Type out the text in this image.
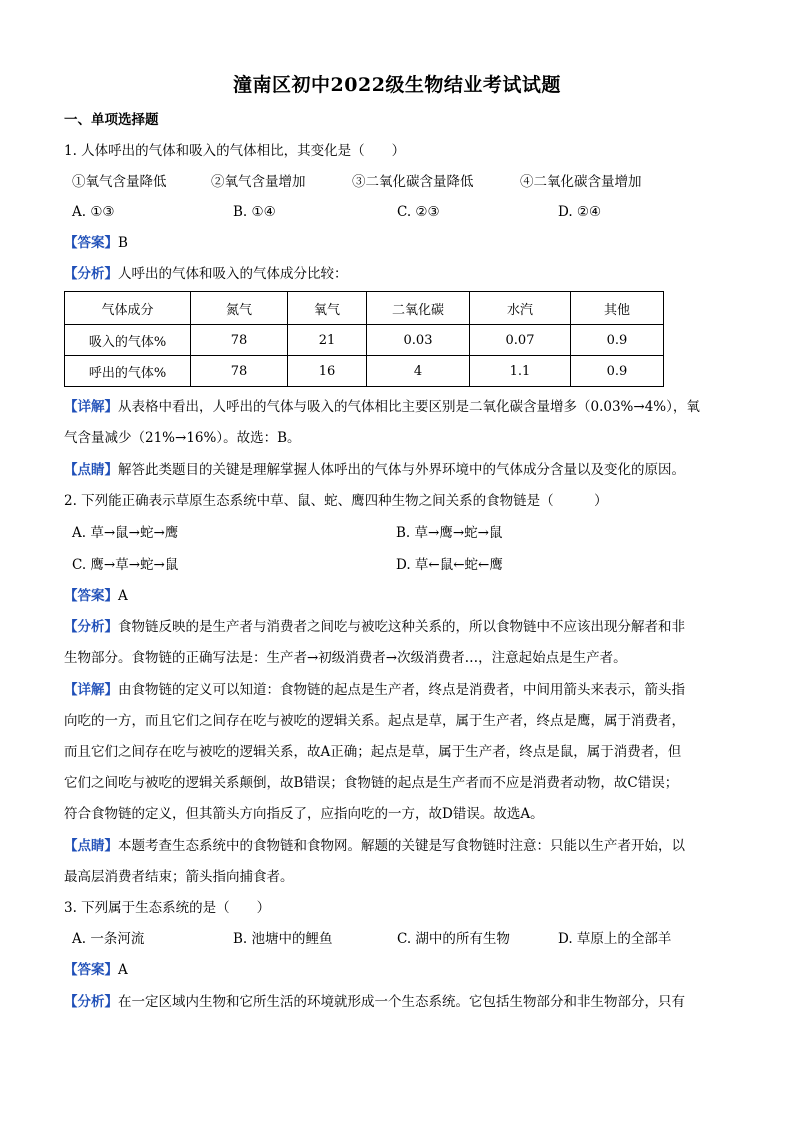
潼南区初中2022级生物结业考试试题
一、单项选择题
1. 人体呼出的气体和吸入的气体相比，其变化是（　　）
①氧气含量降低	②氧气含量增加	③二氧化碳含量降低	④二氧化碳含量增加
A. ①③	B. ①④	C. ②③	D. ②④
【答案】B
【分析】人呼出的气体和吸入的气体成分比较：
气体成分	氮气	氧气	二氧化碳	水汽	其他
吸入的气体%	78	21	0.03	0.07	0.9
呼出的气体%	78	16	4	1.1	0.9
【详解】从表格中看出，人呼出的气体与吸入的气体相比主要区别是二氧化碳含量增多（0.03%→4%），氧
气含量减少（21%→16%）。故选：B。
【点睛】解答此类题目的关键是理解掌握人体呼出的气体与外界环境中的气体成分含量以及变化的原因。
2. 下列能正确表示草原生态系统中草、鼠、蛇、鹰四种生物之间关系的食物链是（　　　）
A. 草→鼠→蛇→鹰	B. 草→鹰→蛇→鼠
C. 鹰→草→蛇→鼠	D. 草←鼠←蛇←鹰
【答案】A
【分析】食物链反映的是生产者与消费者之间吃与被吃这种关系的，所以食物链中不应该出现分解者和非
生物部分。食物链的正确写法是：生产者→初级消费者→次级消费者…，注意起始点是生产者。
【详解】由食物链的定义可以知道：食物链的起点是生产者，终点是消费者，中间用箭头来表示，箭头指
向吃的一方，而且它们之间存在吃与被吃的逻辑关系。起点是草，属于生产者，终点是鹰，属于消费者，
而且它们之间存在吃与被吃的逻辑关系，故A正确；起点是草，属于生产者，终点是鼠，属于消费者，但
它们之间吃与被吃的逻辑关系颠倒，故B错误；食物链的起点是生产者而不应是消费者动物，故C错误；
符合食物链的定义，但其箭头方向指反了，应指向吃的一方，故D错误。故选A。
【点睛】本题考查生态系统中的食物链和食物网。解题的关键是写食物链时注意：只能以生产者开始，以
最高层消费者结束；箭头指向捕食者。
3. 下列属于生态系统的是（　　）
A. 一条河流	B. 池塘中的鲤鱼	C. 湖中的所有生物	D. 草原上的全部羊
【答案】A
【分析】在一定区域内生物和它所生活的环境就形成一个生态系统。它包括生物部分和非生物部分，只有
